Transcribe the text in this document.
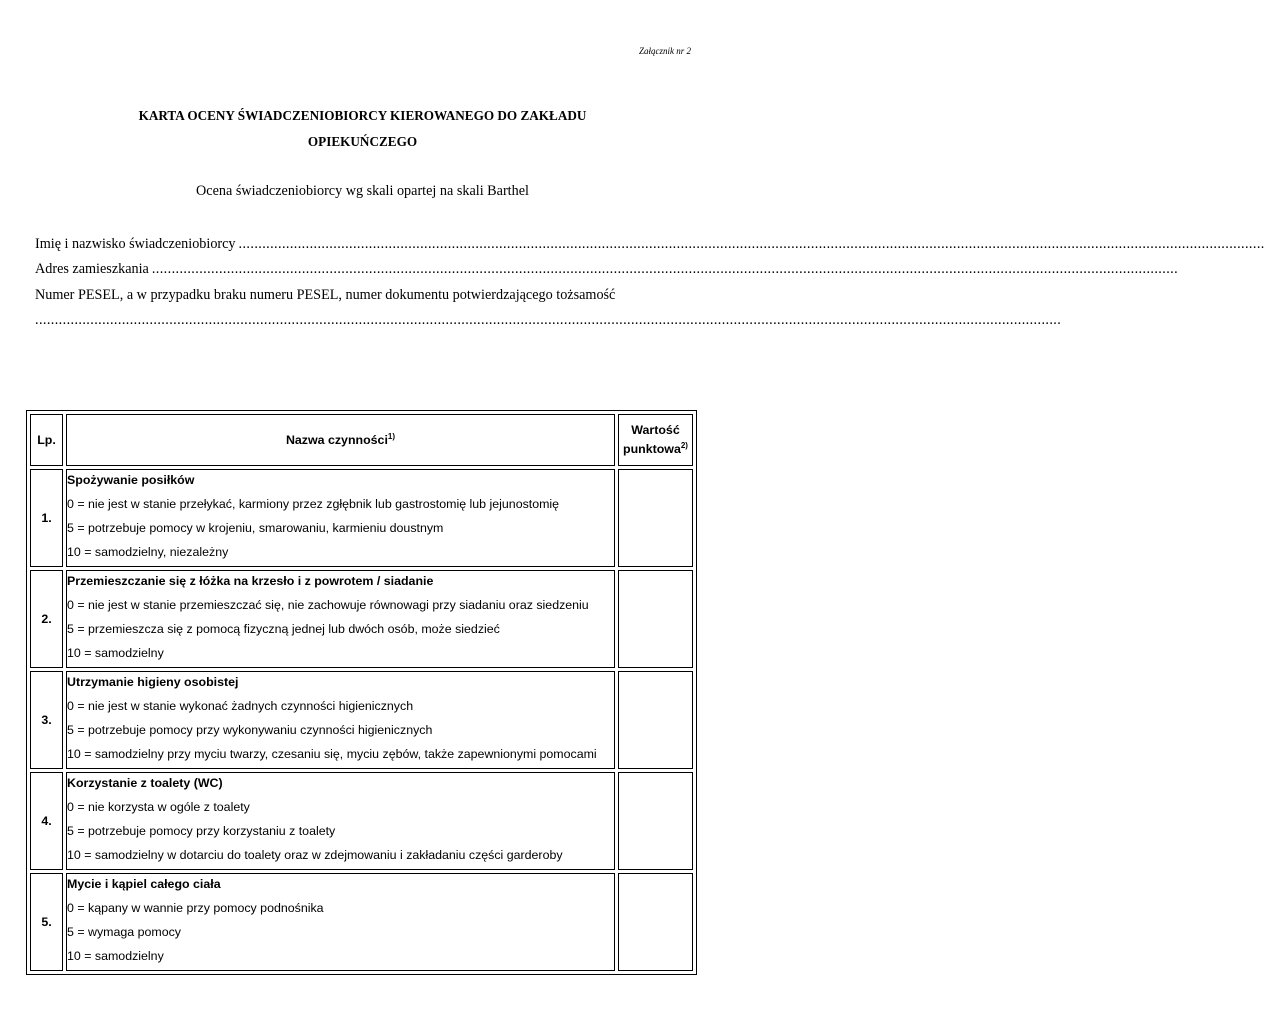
Załącznik nr 2
KARTA OCENY ŚWIADCZENIOBIORCY KIEROWANEGO DO ZAKŁADU
OPIEKUŃCZEGO
Ocena świadczeniobiorcy wg skali opartej na skali Barthel
Imię i nazwisko świadczeniobiorcy ....................................................................................................................................................................................................................................................................
Adres zamieszkania ....................................................................................................................................................................................................................................................................
Numer PESEL, a w przypadku braku numeru PESEL, numer dokumentu potwierdzającego tożsamość
....................................................................................................................................................................................................................................................................
Lp.	Nazwa czynności$^{1)}$	Wartość
punktowa$^{2)}$

1.	Spożywanie posiłków
0 = nie jest w stanie przełykać, karmiony przez zgłębnik lub gastrostomię lub jejunostomię
5 = potrzebuje pomocy w krojeniu, smarowaniu, karmieniu doustnym
10 = samodzielny, niezależny	

2.	Przemieszczanie się z łóżka na krzesło i z powrotem / siadanie
0 = nie jest w stanie przemieszczać się, nie zachowuje równowagi przy siadaniu oraz siedzeniu
5 = przemieszcza się z pomocą fizyczną jednej lub dwóch osób, może siedzieć
10 = samodzielny	

3.	Utrzymanie higieny osobistej
0 = nie jest w stanie wykonać żadnych czynności higienicznych
5 = potrzebuje pomocy przy wykonywaniu czynności higienicznych
10 = samodzielny przy myciu twarzy, czesaniu się, myciu zębów, także zapewnionymi pomocami	

4.	Korzystanie z toalety (WC)
0 = nie korzysta w ogóle z toalety
5 = potrzebuje pomocy przy korzystaniu z toalety
10 = samodzielny w dotarciu do toalety oraz w zdejmowaniu i zakładaniu części garderoby	

5.	Mycie i kąpiel całego ciała
0 = kąpany w wannie przy pomocy podnośnika
5 = wymaga pomocy
10 = samodzielny	
